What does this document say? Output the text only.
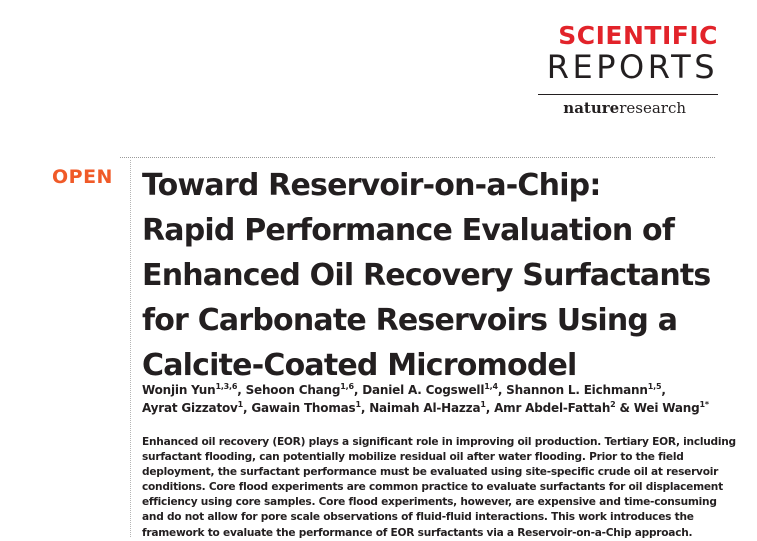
SCIENTIFIC
REPORTS
natureresearch
OPEN Toward Reservoir-on-a-Chip:
Rapid Performance Evaluation of
Enhanced Oil Recovery Surfactants
for Carbonate Reservoirs Using a
Calcite-Coated Micromodel
Wonjin Yun$^{1,3,6}$, Sehoon Chang$^{1,6}$, Daniel A. Cogswell$^{1,4}$, Shannon L. Eichmann$^{1,5}$,
Ayrat Gizzatov$^1$, Gawain Thomas$^1$, Naimah Al-Hazza$^1$, Amr Abdel-Fattah$^2$ & Wei Wang$^{1*}$
Enhanced oil recovery (EOR) plays a significant role in improving oil production. Tertiary EOR, including
surfactant flooding, can potentially mobilize residual oil after water flooding. Prior to the field
deployment, the surfactant performance must be evaluated using site-specific crude oil at reservoir
conditions. Core flood experiments are common practice to evaluate surfactants for oil displacement
efficiency using core samples. Core flood experiments, however, are expensive and time-consuming
and do not allow for pore scale observations of fluid-fluid interactions. This work introduces the
framework to evaluate the performance of EOR surfactants via a Reservoir-on-a-Chip approach.
